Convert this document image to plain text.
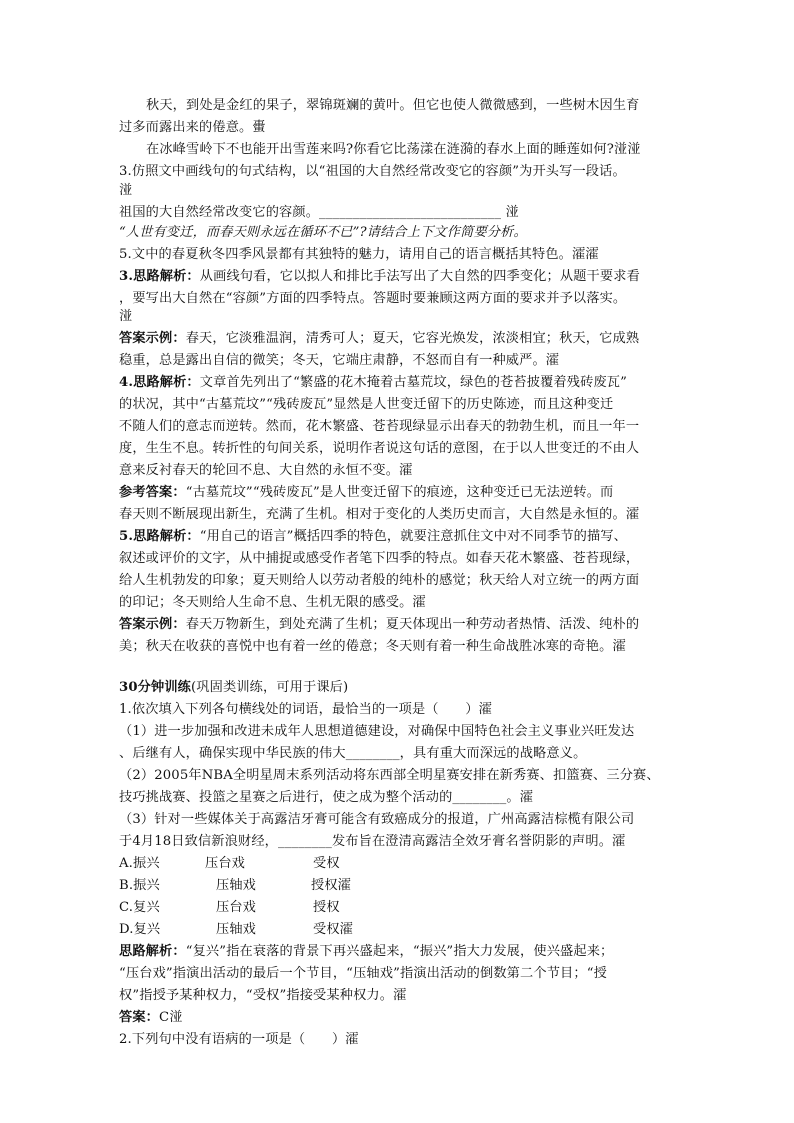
秋天，到处是金红的果子，翠锦斑斓的黄叶。但它也使人微微感到，一些树木因生育
过多而露出来的倦意。蟗
在冰峰雪岭下不也能开出雪莲来吗?你看它比荡漾在涟漪的春水上面的睡莲如何?湴湴
3.仿照文中画线句的句式结构，以“祖国的大自然经常改变它的容颜”为开头写一段话。
湴
祖国的大自然经常改变它的容颜。___________________________ 湴
“人世有变迁，而春天则永远在循环不已”?请结合上下文作简要分析。
5.文中的春夏秋冬四季风景都有其独特的魅力，请用自己的语言概括其特色。瀖瀖
3.思路解析：从画线句看，它以拟人和排比手法写出了大自然的四季变化；从题干要求看
，要写出大自然在“容颜”方面的四季特点。答题时要兼顾这两方面的要求并予以落实。
湴
答案示例：春天，它淡雅温润，清秀可人；夏天，它容光焕发，浓淡相宜；秋天，它成熟
稳重，总是露出自信的微笑；冬天，它端庄肃静，不怒而自有一种威严。瀖
4.思路解析：文章首先列出了“繁盛的花木掩着古墓荒坟，绿色的苍苔披覆着残砖废瓦”
的状况，其中“古墓荒坟”“残砖废瓦”显然是人世变迁留下的历史陈迹，而且这种变迁
不随人们的意志而逆转。然而，花木繁盛、苍苔现绿显示出春天的勃勃生机，而且一年一
度，生生不息。转折性的句间关系，说明作者说这句话的意图，在于以人世变迁的不由人
意来反衬春天的轮回不息、大自然的永恒不变。瀖
参考答案：“古墓荒坟”“残砖废瓦”是人世变迁留下的痕迹，这种变迁已无法逆转。而
春天则不断展现出新生，充满了生机。相对于变化的人类历史而言，大自然是永恒的。瀖
5.思路解析：“用自己的语言”概括四季的特色，就要注意抓住文中对不同季节的描写、
叙述或评价的文字，从中捕捉或感受作者笔下四季的特点。如春天花木繁盛、苍苔现绿，
给人生机勃发的印象；夏天则给人以劳动者般的纯朴的感觉；秋天给人对立统一的两方面
的印记；冬天则给人生命不息、生机无限的感受。瀖
答案示例：春天万物新生，到处充满了生机；夏天体现出一种劳动者热情、活泼、纯朴的
美；秋天在收获的喜悦中也有着一丝的倦意；冬天则有着一种生命战胜冰寒的奇艳。瀖
30分钟训练(巩固类训练，可用于课后)
1.依次填入下列各句横线处的词语，最恰当的一项是（　　）瀖
（1）进一步加强和改进未成年人思想道德建设，对确保中国特色社会主义事业兴旺发达
、后继有人，确保实现中华民族的伟大________，具有重大而深远的战略意义。
（2）2005年NBA全明星周末系列活动将东西部全明星赛安排在新秀赛、扣篮赛、三分赛、
技巧挑战赛、投篮之星赛之后进行，使之成为整个活动的________。瀖
（3）针对一些媒体关于高露洁牙膏可能含有致癌成分的报道，广州高露洁棕榄有限公司
于4月18日致信新浪财经，________发布旨在澄清高露洁全效牙膏名誉阴影的声明。瀖
A.振兴	压台戏	受权
B.振兴	压轴戏	授权瀖
C.复兴	压台戏	授权
D.复兴	压轴戏	受权瀖
思路解析：“复兴”指在衰落的背景下再兴盛起来，“振兴”指大力发展，使兴盛起来；
“压台戏”指演出活动的最后一个节目，“压轴戏”指演出活动的倒数第二个节目；“授
权”指授予某种权力，“受权”指接受某种权力。瀖
答案：C湴
2.下列句中没有语病的一项是（　　）瀖
